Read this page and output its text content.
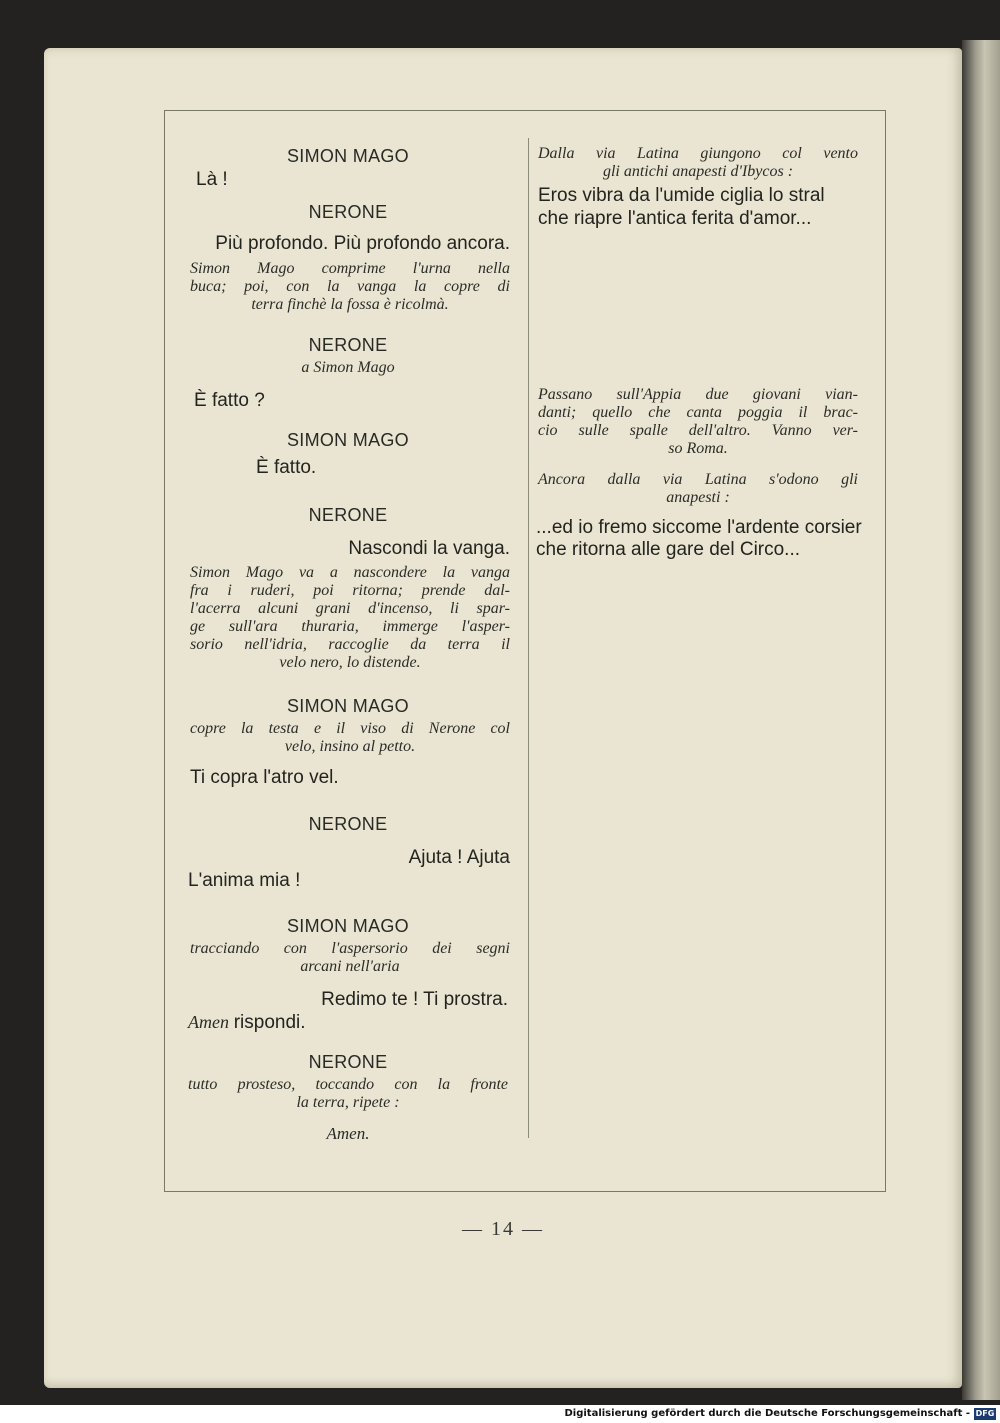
SIMON MAGO
Là !
NERONE
Più profondo. Più profondo ancora.
Simon Mago comprime l'urna nella
buca; poi, con la vanga la copre di
terra finchè la fossa è ricolmà.
NERONE
a Simon Mago
È fatto ?
SIMON MAGO
È fatto.
NERONE
Nascondi la vanga.
Simon Mago va a nascondere la vanga
fra i ruderi, poi ritorna; prende dal-
l'acerra alcuni grani d'incenso, li spar-
ge sull'ara thuraria, immerge l'asper-
sorio nell'idria, raccoglie da terra il
velo nero, lo distende.
SIMON MAGO
copre la testa e il viso di Nerone col
velo, insino al petto.
Ti copra l'atro vel.
NERONE
Ajuta ! Ajuta
L'anima mia !
SIMON MAGO
tracciando con l'aspersorio dei segni
arcani nell'aria
Redimo te ! Ti prostra.
Amen rispondi.
NERONE
tutto prosteso, toccando con la fronte
la terra, ripete :
Amen.
Dalla via Latina giungono col vento
gli antichi anapesti d'Ibycos :
Eros vibra da l'umide ciglia lo stral
che riapre l'antica ferita d'amor...
Passano sull'Appia due giovani vian-
danti; quello che canta poggia il brac-
cio sulle spalle dell'altro. Vanno ver-
so Roma.
Ancora dalla via Latina s'odono gli
anapesti :
...ed io fremo siccome l'ardente corsier
che ritorna alle gare del Circo...
— 14 —
Digitalisierung gefördert durch die Deutsche Forschungsgemeinschaft - DFG
